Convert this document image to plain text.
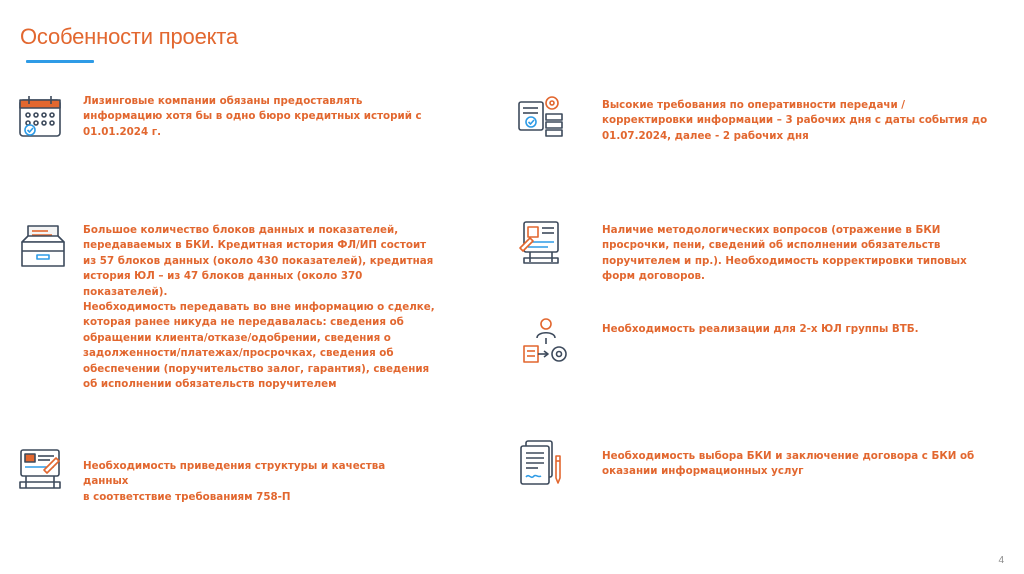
Особенности проекта
Лизинговые компании обязаны предоставлять
информацию хотя бы в одно бюро кредитных историй с
01.01.2024 г.
Большое количество блоков данных и показателей,
передаваемых в БКИ. Кредитная история ФЛ/ИП состоит
из 57 блоков данных (около 430 показателей), кредитная
история ЮЛ – из 47 блоков данных (около 370
показателей).
Необходимость передавать во вне информацию о сделке,
которая ранее никуда не передавалась: сведения об
обращении клиента/отказе/одобрении, сведения о
задолженности/платежах/просрочках, сведения об
обеспечении (поручительство залог, гарантия), сведения
об исполнении обязательств поручителем
Необходимость приведения структуры и качества данных
в соответствие требованиям 758-П
Высокие требования по оперативности передачи /
корректировки информации – 3 рабочих дня с даты события до
01.07.2024, далее - 2 рабочих дня
Наличие методологических вопросов (отражение в БКИ
просрочки, пени, сведений об исполнении обязательств
поручителем и пр.). Необходимость корректировки типовых
форм договоров.
Необходимость реализации для 2-х ЮЛ группы ВТБ.
Необходимость выбора БКИ и заключение договора с БКИ об
оказании информационных услуг
4
